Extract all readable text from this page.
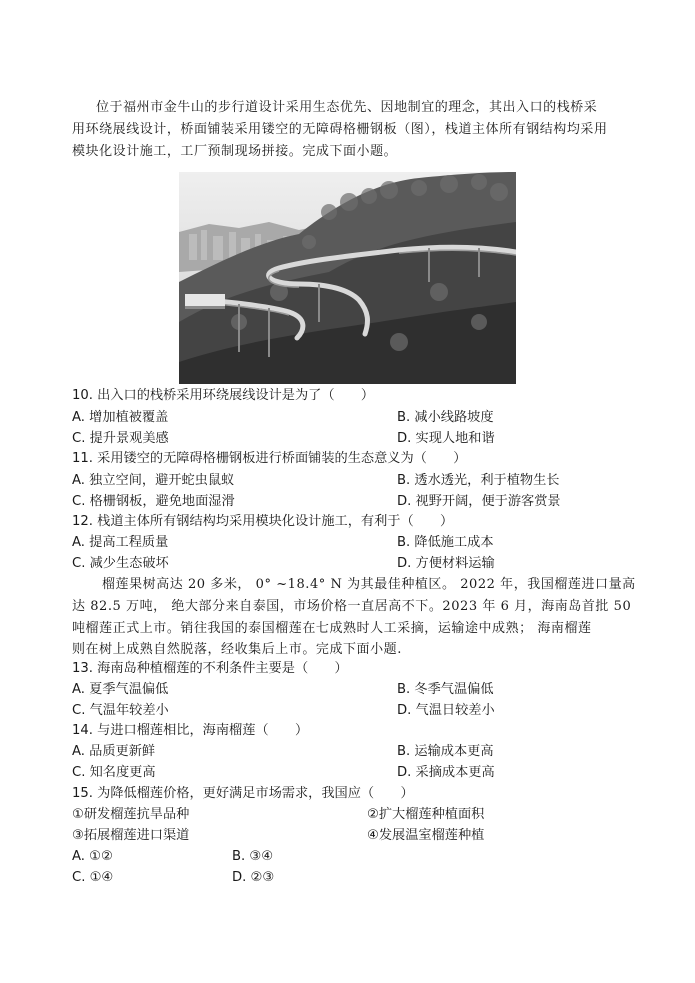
位于福州市金牛山的步行道设计采用生态优先、因地制宜的理念，其出入口的栈桥采
用环绕展线设计，桥面铺装采用镂空的无障碍格栅钢板（图），栈道主体所有钢结构均采用
模块化设计施工，工厂预制现场拼接。完成下面小题。
10. 出入口的栈桥采用环绕展线设计是为了（　　）
A. 增加植被覆盖	B. 减小线路坡度
C. 提升景观美感	D. 实现人地和谐
11. 采用镂空的无障碍格栅钢板进行桥面铺装的生态意义为（　　）
A. 独立空间，避开蛇虫鼠蚁	B. 透水透光，利于植物生长
C. 格栅钢板，避免地面湿滑	D. 视野开阔，便于游客赏景
12. 栈道主体所有钢结构均采用模块化设计施工，有利于（　　）
A. 提高工程质量	B. 降低施工成本
C. 减少生态破坏	D. 方便材料运输
榴莲果树高达 20 多米， 0° ~18.4° N 为其最佳种植区。 2022 年，我国榴莲进口量高
达 82.5 万吨， 绝大部分来自泰国，市场价格一直居高不下。2023 年 6 月，海南岛首批 50
吨榴莲正式上市。销往我国的泰国榴莲在七成熟时人工采摘，运输途中成熟； 海南榴莲
则在树上成熟自然脱落，经收集后上市。完成下面小题.
13. 海南岛种植榴莲的不利条件主要是（　　）
A. 夏季气温偏低	B. 冬季气温偏低
C. 气温年较差小	D. 气温日较差小
14. 与进口榴莲相比，海南榴莲（　　）
A. 品质更新鲜	B. 运输成本更高
C. 知名度更高	D. 采摘成本更高
15. 为降低榴莲价格，更好满足市场需求，我国应（　　）
①研发榴莲抗旱品种	②扩大榴莲种植面积
③拓展榴莲进口渠道	④发展温室榴莲种植
A. ①②	B. ③④
C. ①④	D. ②③
